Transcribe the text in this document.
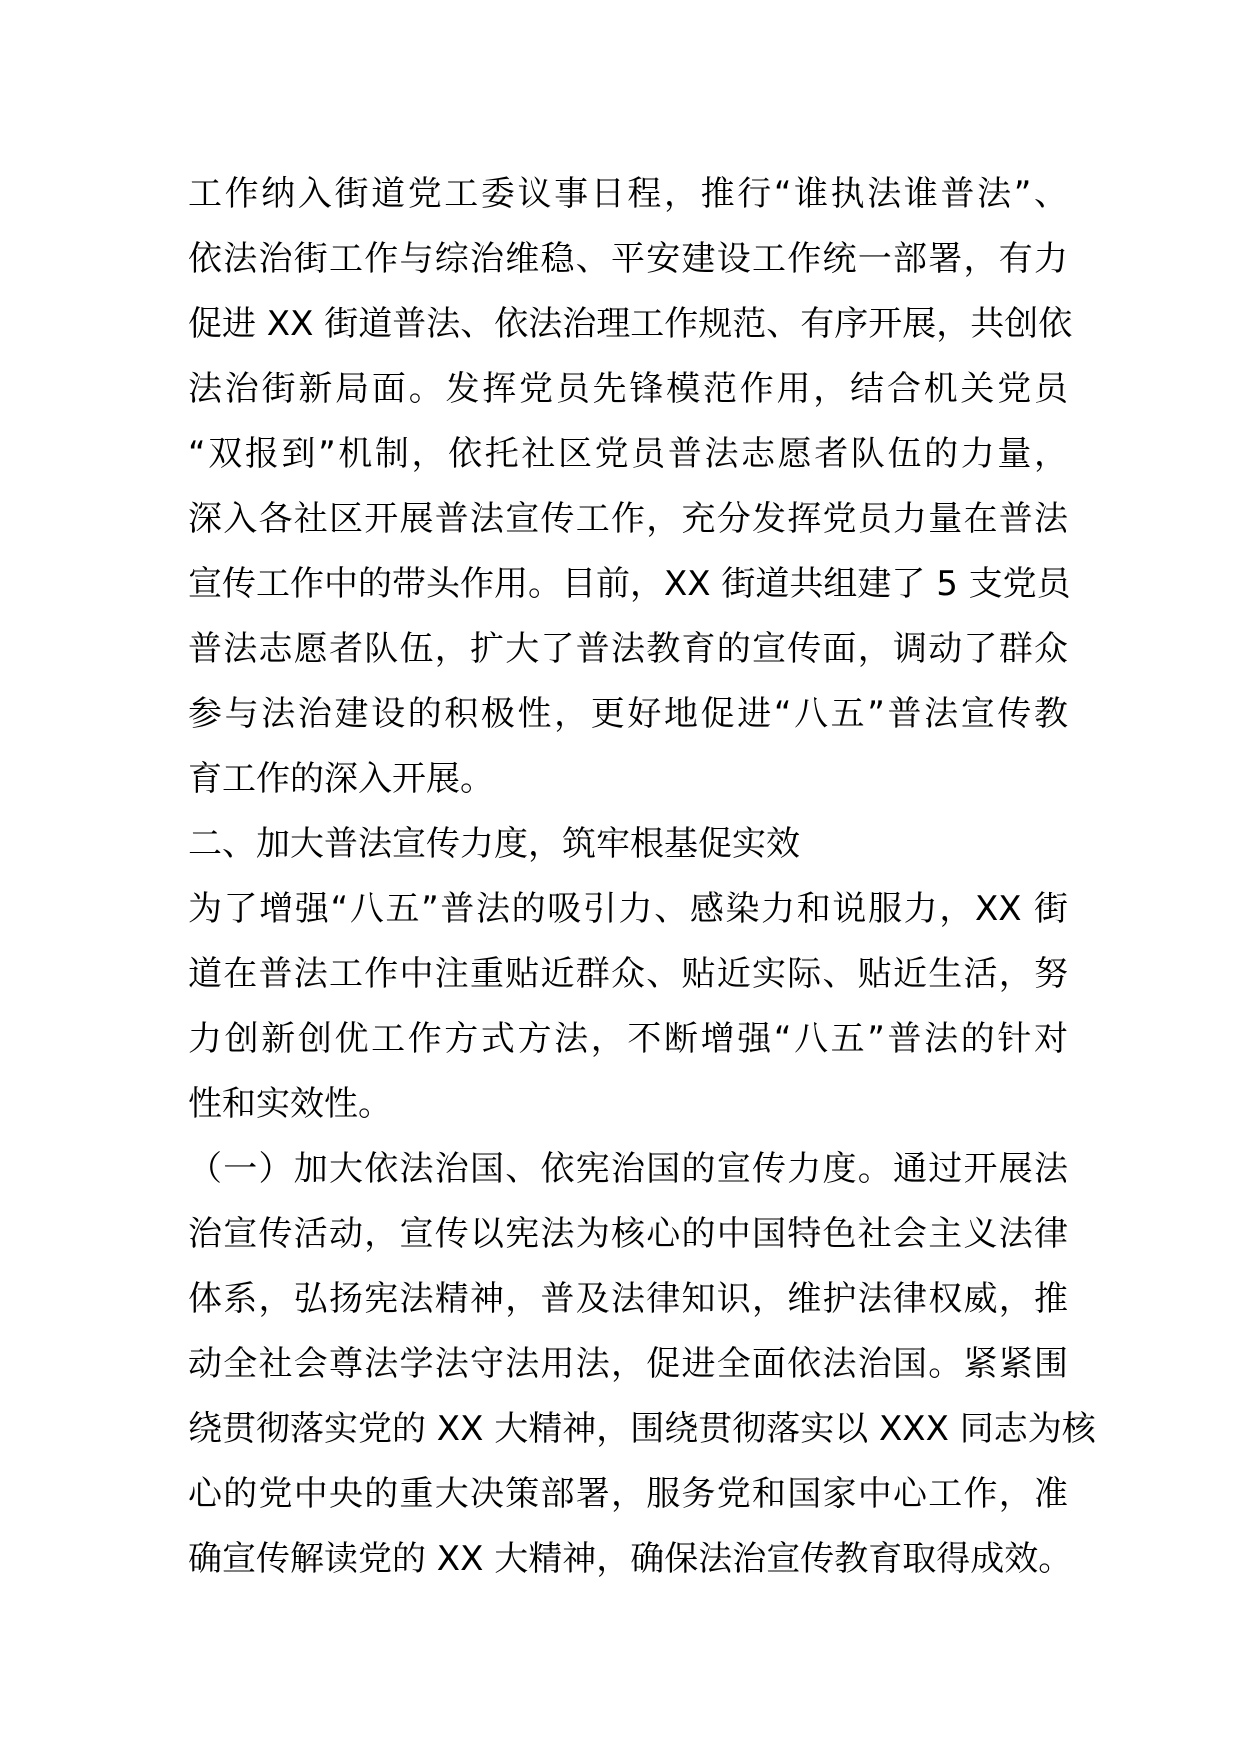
工作纳入街道党工委议事日程，推行“谁执法谁普法”、
依法治街工作与综治维稳、平安建设工作统一部署，有力
促进 XX 街道普法、依法治理工作规范、有序开展，共创依
法治街新局面。发挥党员先锋模范作用，结合机关党员
“双报到”机制，依托社区党员普法志愿者队伍的力量，
深入各社区开展普法宣传工作，充分发挥党员力量在普法
宣传工作中的带头作用。目前，XX 街道共组建了 5 支党员
普法志愿者队伍，扩大了普法教育的宣传面，调动了群众
参与法治建设的积极性，更好地促进“八五”普法宣传教
育工作的深入开展。
二、加大普法宣传力度，筑牢根基促实效
为了增强“八五”普法的吸引力、感染力和说服力，XX 街
道在普法工作中注重贴近群众、贴近实际、贴近生活，努
力创新创优工作方式方法，不断增强“八五”普法的针对
性和实效性。
（一）加大依法治国、依宪治国的宣传力度。通过开展法
治宣传活动，宣传以宪法为核心的中国特色社会主义法律
体系，弘扬宪法精神，普及法律知识，维护法律权威，推
动全社会尊法学法守法用法，促进全面依法治国。紧紧围
绕贯彻落实党的 XX 大精神，围绕贯彻落实以 XXX 同志为核
心的党中央的重大决策部署，服务党和国家中心工作，准
确宣传解读党的 XX 大精神，确保法治宣传教育取得成效。
